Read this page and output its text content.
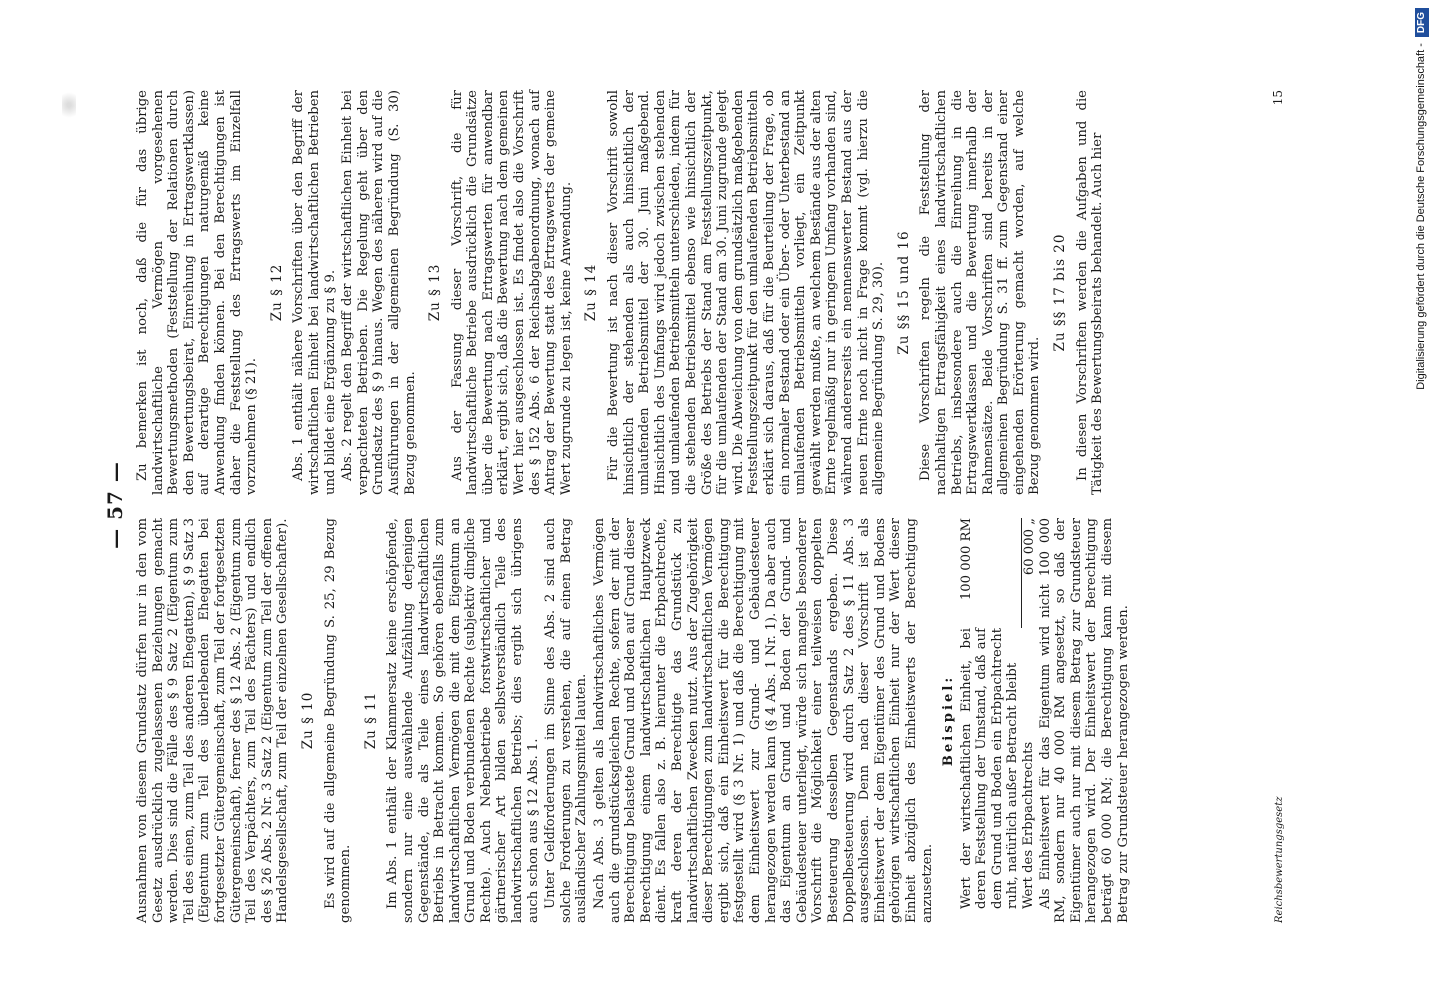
— 57 —

Ausnahmen von diesem Grundsatz dürfen nur in den vom Gesetz ausdrücklich zugelassenen Beziehungen gemacht werden. Dies sind die Fälle des § 9 Satz 2 (Eigentum zum Teil des einen, zum Teil des anderen Ehegatten), § 9 Satz 3 (Eigentum zum Teil des überlebenden Ehegatten bei fortgesetzter Gütergemeinschaft, zum Teil der fortgesetzten Gütergemeinschaft), ferner des § 12 Abs. 2 (Eigentum zum Teil des Verpächters, zum Teil des Pächters) und endlich des § 26 Abs. 2 Nr. 3 Satz 2 (Eigentum zum Teil der offenen Handelsgesellschaft, zum Teil der einzelnen Gesellschafter). Zu § 10 Es wird auf die allgemeine Begründung S. 25, 29 Bezug genommen.

Zu § 11 Im Abs. 1 enthält der Klammersatz keine erschöpfende, sondern nur eine auswählende Aufzählung derjenigen Gegenstände, die als Teile eines landwirtschaftlichen Betriebs in Betracht kommen. So gehören ebenfalls zum landwirtschaftlichen Vermögen die mit dem Eigentum an Grund und Boden verbundenen Rechte (subjektiv dingliche Rechte). Auch Nebenbetriebe forstwirtschaftlicher und gärtnerischer Art bilden selbstverständlich Teile des landwirtschaftlichen Betriebs; dies ergibt sich übrigens auch schon aus § 12 Abs. 1. Unter Geldforderungen im Sinne des Abs. 2 sind auch solche Forderungen zu verstehen, die auf einen Betrag ausländischer Zahlungsmittel lauten. Nach Abs. 3 gelten als landwirtschaftliches Vermögen auch die grundstücksgleichen Rechte, sofern der mit der Berechtigung belastete Grund und Boden auf Grund dieser Berechtigung einem landwirtschaftlichen Hauptzweck dient. Es fallen also z. B. hierunter die Erbpachtrechte, kraft deren der Berechtigte das Grundstück zu landwirtschaftlichen Zwecken nutzt. Aus der Zugehörigkeit dieser Berechtigungen zum landwirtschaftlichen Vermögen ergibt sich, daß ein Einheitswert für die Berechtigung festgestellt wird (§ 3 Nr. 1) und daß die Berechtigung mit dem Einheitswert zur Grund- und Gebäudesteuer herangezogen werden kann (§ 4 Abs. 1 Nr. 1). Da aber auch das Eigentum an Grund und Boden der Grund- und Gebäudesteuer unterliegt, würde sich mangels besonderer Vorschrift die Möglichkeit einer teilweisen doppelten Besteuerung desselben Gegenstands ergeben. Diese Doppelbesteuerung wird durch Satz 2 des § 11 Abs. 3 ausgeschlossen. Denn nach dieser Vorschrift ist als Einheitswert der dem Eigentümer des Grund und Bodens gehörigen wirtschaftlichen Einheit nur der Wert dieser Einheit abzüglich des Einheitswerts der Berechtigung anzusetzen.

Beispiel: Wert der wirtschaftlichen Einheit, bei deren Feststellung der Umstand, daß auf dem Grund und Boden ein Erbpachtrecht ruht, natürlich außer Betracht bleibt
100 000 RM
Wert des Erbpachtrechts
60 000 „ Als Einheitswert für das Eigentum wird nicht 100 000 RM, sondern nur 40 000 RM angesetzt, so daß der Eigentümer auch nur mit diesem Betrag zur Grundsteuer herangezogen wird. Der Einheitswert der Berechtigung beträgt 60 000 RM; die Berechtigung kann mit diesem Betrag zur Grundsteuer herangezogen werden.

Zu bemerken ist noch, daß die für das übrige landwirtschaftliche Vermögen vorgesehenen Bewertungsmethoden (Feststellung der Relationen durch den Bewertungsbeirat, Einreihung in Ertragswertklassen) auf derartige Berechtigungen naturgemäß keine Anwendung finden können. Bei den Berechtigungen ist daher die Feststellung des Ertragswerts im Einzelfall vorzunehmen (§ 21).

Zu § 12 Abs. 1 enthält nähere Vorschriften über den Begriff der wirtschaftlichen Einheit bei landwirtschaftlichen Betrieben und bildet eine Ergänzung zu § 9. Abs. 2 regelt den Begriff der wirtschaftlichen Einheit bei verpachteten Betrieben. Die Regelung geht über den Grundsatz des § 9 hinaus. Wegen des näheren wird auf die Ausführungen in der allgemeinen Begründung (S. 30) Bezug genommen.

Zu § 13 Aus der Fassung dieser Vorschrift, die für landwirtschaftliche Betriebe ausdrücklich die Grundsätze über die Bewertung nach Ertragswerten für anwendbar erklärt, ergibt sich, daß die Bewertung nach dem gemeinen Wert hier ausgeschlossen ist. Es findet also die Vorschrift des § 152 Abs. 6 der Reichsabgabenordnung, wonach auf Antrag der Bewertung statt des Ertragswerts der gemeine Wert zugrunde zu legen ist, keine Anwendung. Zu § 14 Für die Bewertung ist nach dieser Vorschrift sowohl hinsichtlich der stehenden als auch hinsichtlich der umlaufenden Betriebsmittel der 30. Juni maßgebend. Hinsichtlich des Umfangs wird jedoch zwischen stehenden und umlaufenden Betriebsmitteln unterschieden, indem für die stehenden Betriebsmittel ebenso wie hinsichtlich der Größe des Betriebs der Stand am Feststellungszeitpunkt, für die umlaufenden der Stand am 30. Juni zugrunde gelegt wird. Die Abweichung von dem grundsätzlich maßgebenden Feststellungszeitpunkt für den umlaufenden Betriebsmitteln erklärt sich daraus, daß für die Beurteilung der Frage, ob ein normaler Bestand oder ein Über- oder Unterbestand an umlaufenden Betriebsmitteln vorliegt, ein Zeitpunkt gewählt werden mußte, an welchem Bestände aus der alten Ernte regelmäßig nur in geringem Umfang vorhanden sind, während andererseits ein nennenswerter Bestand aus der neuen Ernte noch nicht in Frage kommt (vgl. hierzu die allgemeine Begründung S. 29, 30). Zu §§ 15 und 16 Diese Vorschriften regeln die Feststellung der nachhaltigen Ertragsfähigkeit eines landwirtschaftlichen Betriebs, insbesondere auch die Einreihung in die Ertragswertklassen und die Bewertung innerhalb der Rahmensätze. Beide Vorschriften sind bereits in der allgemeinen Begründung S. 31 ff. zum Gegenstand einer eingehenden Erörterung gemacht worden, auf welche Bezug genommen wird.

Zu §§ 17 bis 20 In diesen Vorschriften werden die Aufgaben und die Tätigkeit des Bewertungsbeirats behandelt. Auch hier

Reichsbewertungsgesetz
15	Digitalisierung gefördert durch die Deutsche Forschungsgemeinschaft -DFG
